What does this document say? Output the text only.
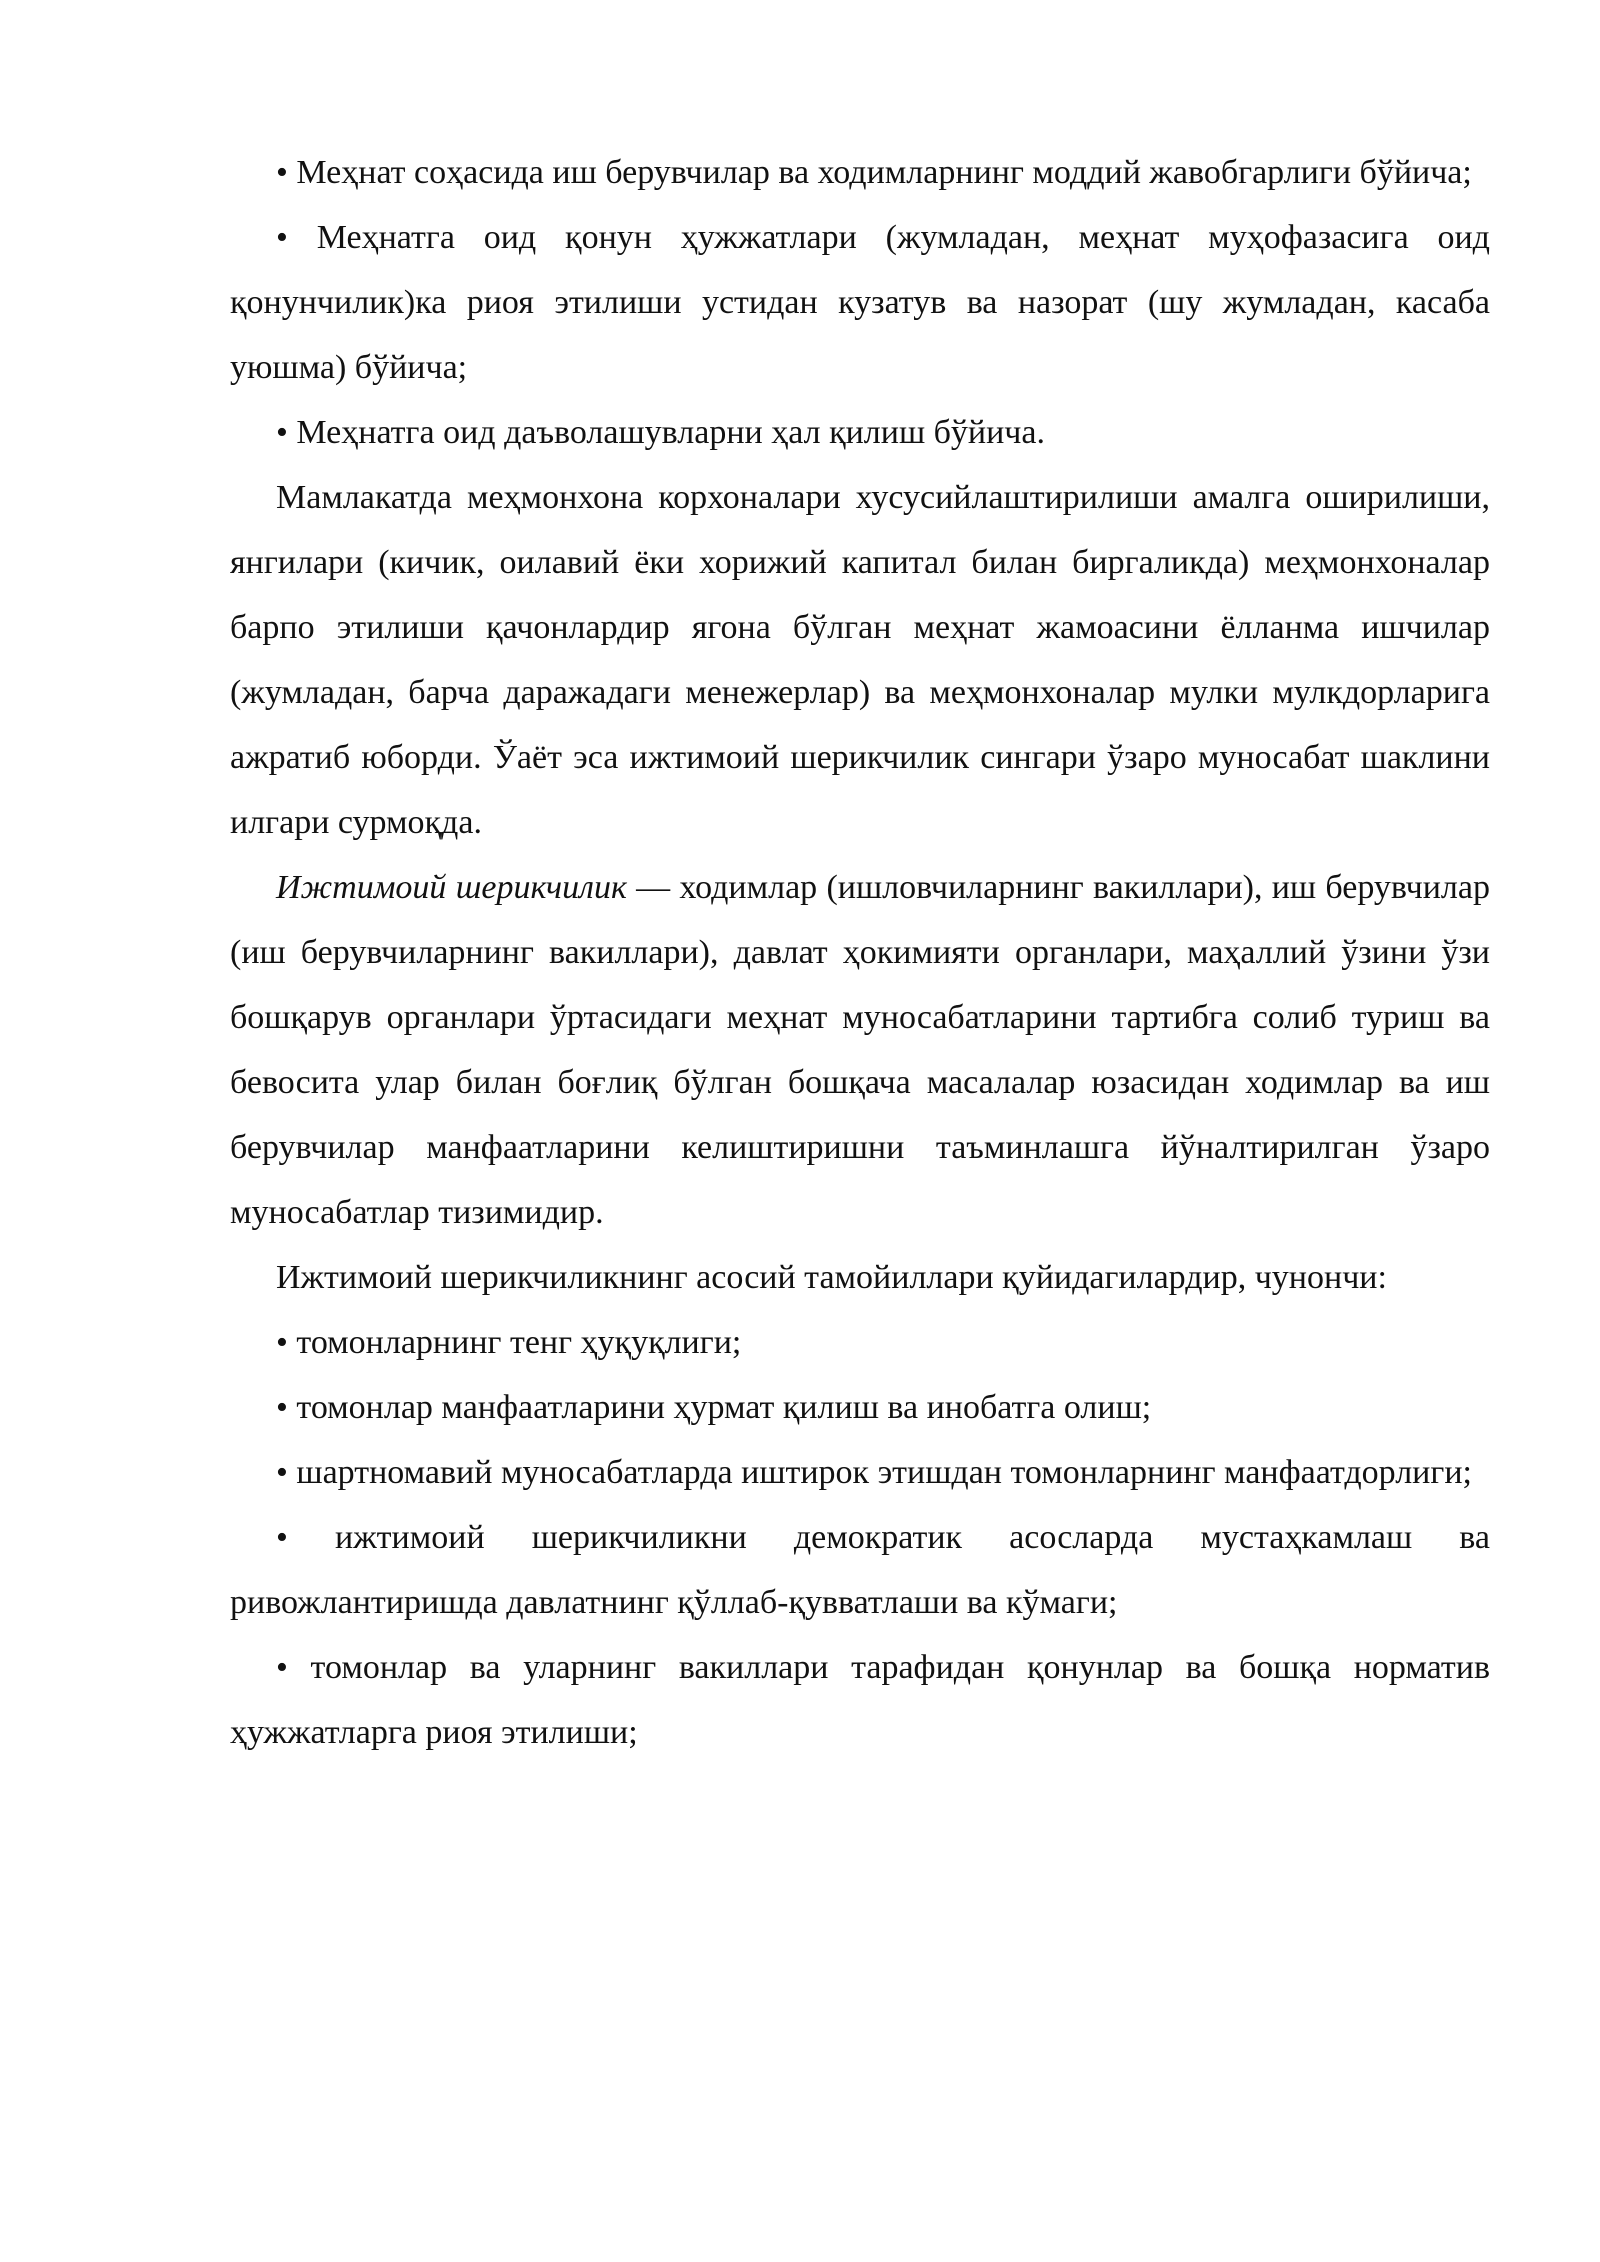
• Меҳнат соҳасида иш берувчилар ва ходимларнинг моддий жавобгарлиги бўйича;

• Меҳнатга оид қонун ҳужжатлари (жумладан, меҳнат муҳофазасига оид қонунчилик)ка риоя этилиши устидан кузатув ва назорат (шу жумладан, касаба уюшма) бўйича;

• Меҳнатга оид даъволашувларни ҳал қилиш бўйича.

Мамлакатда меҳмонхона корхоналари хусусийлаштирилиши амалга оширилиши, янгилари (кичик, оилавий ёки хорижий капитал билан биргаликда) меҳмонхоналар барпо этилиши қачонлардир ягона бўлган меҳнат жамоасини ёлланма ишчилар (жумладан, барча даражадаги менежерлар) ва меҳмонхоналар мулки мулкдорларига ажратиб юборди. Ўаёт эса ижтимоий шерикчилик сингари ўзаро муносабат шаклини илгари сурмоқда.

Ижтимоий шерикчилик — ходимлар (ишловчиларнинг вакиллари), иш берувчилар (иш берувчиларнинг вакиллари), давлат ҳокимияти органлари, маҳаллий ўзини ўзи бошқарув органлари ўртасидаги меҳнат муносабатларини тартибга солиб туриш ва бевосита улар билан боғлиқ бўлган бошқача масалалар юзасидан ходимлар ва иш берувчилар манфаатларини келиштиришни таъминлашга йўналтирилган ўзаро муносабатлар тизимидир.

Ижтимоий шерикчиликнинг асосий тамойиллари қуйидагилардир, чунончи:

• томонларнинг тенг ҳуқуқлиги;

• томонлар манфаатларини ҳурмат қилиш ва инобатга олиш;

• шартномавий муносабатларда иштирок этишдан томонларнинг манфаатдорлиги;

• ижтимоий шерикчиликни демократик асосларда мустаҳкамлаш ва ривожлантиришда давлатнинг қўллаб-қувватлаши ва кўмаги;

• томонлар ва уларнинг вакиллари тарафидан қонунлар ва бошқа норматив ҳужжатларга риоя этилиши;
